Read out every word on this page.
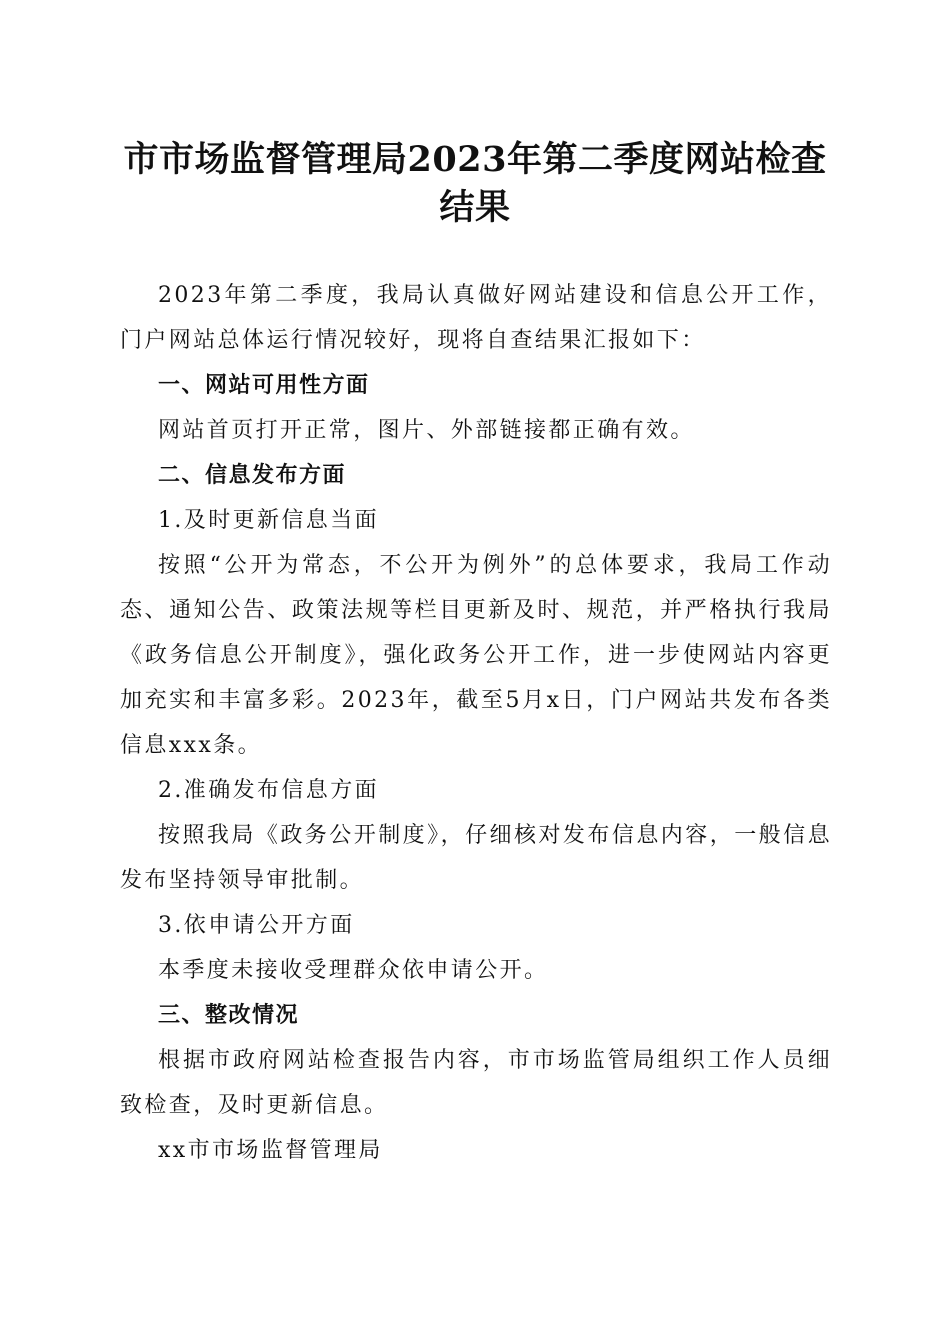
市市场监督管理局2023年第二季度网站检查
结果

2023年第二季度，我局认真做好网站建设和信息公开工作，门户网站总体运行情况较好，现将自查结果汇报如下：

一、网站可用性方面

网站首页打开正常，图片、外部链接都正确有效。

二、信息发布方面

1.及时更新信息当面

按照“公开为常态，不公开为例外”的总体要求，我局工作动态、通知公告、政策法规等栏目更新及时、规范，并严格执行我局《政务信息公开制度》，强化政务公开工作，进一步使网站内容更加充实和丰富多彩。2023年，截至5月x日，门户网站共发布各类信息xxx条。

2.准确发布信息方面

按照我局《政务公开制度》，仔细核对发布信息内容，一般信息发布坚持领导审批制。

3.依申请公开方面

本季度未接收受理群众依申请公开。

三、整改情况

根据市政府网站检查报告内容，市市场监管局组织工作人员细致检查，及时更新信息。

xx市市场监督管理局
